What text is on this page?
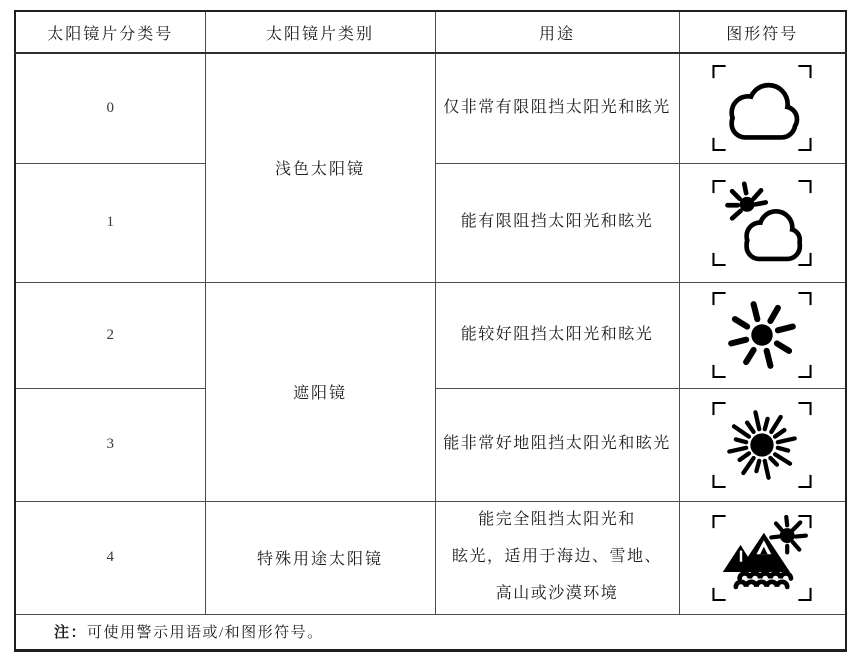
太阳镜片分类号	太阳镜片类别	用途	图形符号
0	浅色太阳镜	仅非常有限阻挡太阳光和眩光	

1		能有限阻挡太阳光和眩光	

2	遮阳镜	能较好阻挡太阳光和眩光	

3		能非常好地阻挡太阳光和眩光	

4	特殊用途太阳镜	能完全阻挡太阳光和
眩光，适用于海边、雪地、
高山或沙漠环境

注：可使用警示用语或/和图形符号。			
